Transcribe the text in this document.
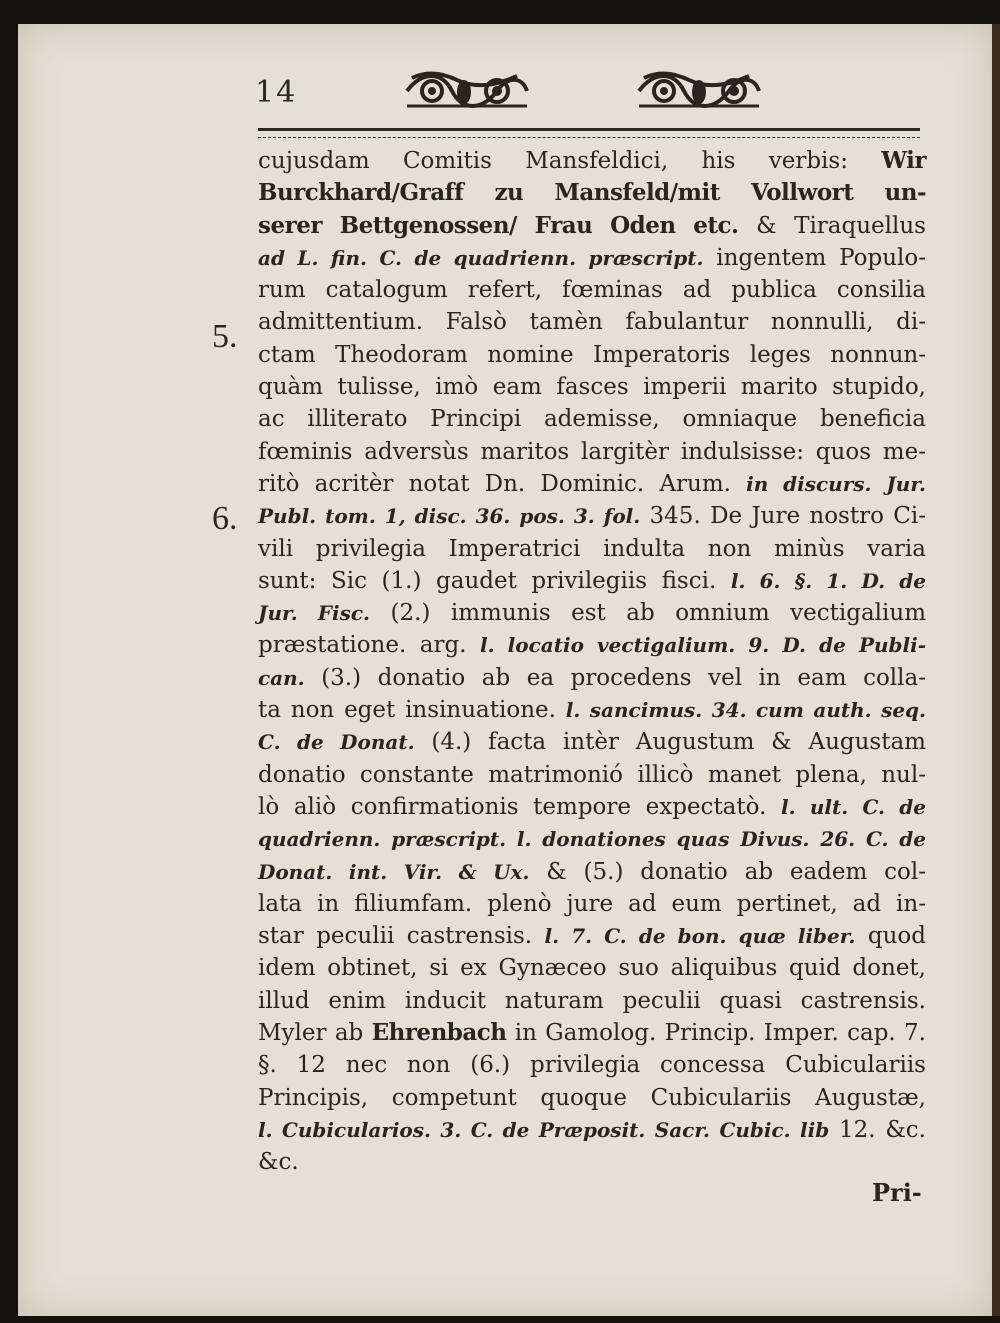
14
5.
6.
cujusdam Comitis Mansfeldici, his verbis: Wir
Burckhard/Graff zu Mansfeld/mit Vollwort un-
serer Bettgenossen/ Frau Oden etc. & Tiraquellus
ad L. fin. C. de quadrienn. præscript. ingentem Populo-
rum catalogum refert, fœminas ad publica consilia
admittentium. Falsò tamèn fabulantur nonnulli, di-
ctam Theodoram nomine Imperatoris leges nonnun-
quàm tulisse, imò eam fasces imperii marito stupido,
ac illiterato Principi ademisse, omniaque beneficia
fœminis adversùs maritos largitèr indulsisse: quos me-
ritò acritèr notat Dn. Dominic. Arum. in discurs. Jur.
Publ. tom. 1, disc. 36. pos. 3. fol. 345. De Jure nostro Ci-
vili privilegia Imperatrici indulta non minùs varia
sunt: Sic (1.) gaudet privilegiis fisci. l. 6. §. 1. D. de
Jur. Fisc. (2.) immunis est ab omnium vectigalium
præstatione. arg. l. locatio vectigalium. 9. D. de Publi-
can. (3.) donatio ab ea procedens vel in eam colla-
ta non eget insinuatione. l. sancimus. 34. cum auth. seq.
C. de Donat. (4.) facta intèr Augustum & Augustam
donatio constante matrimonió illicò manet plena, nul-
lò aliò confirmationis tempore expectatò. l. ult. C. de
quadrienn. præscript. l. donationes quas Divus. 26. C. de
Donat. int. Vir. & Ux. & (5.) donatio ab eadem col-
lata in filiumfam. plenò jure ad eum pertinet, ad in-
star peculii castrensis. l. 7. C. de bon. quæ liber. quod
idem obtinet, si ex Gynæceo suo aliquibus quid donet,
illud enim inducit naturam peculii quasi castrensis.
Myler ab Ehrenbach in Gamolog. Princip. Imper. cap. 7.
§. 12 nec non (6.) privilegia concessa Cubiculariis
Principis, competunt quoque Cubiculariis Augustæ,
l. Cubicularios. 3. C. de Præposit. Sacr. Cubic. lib 12. &c. &c.
Pri-
